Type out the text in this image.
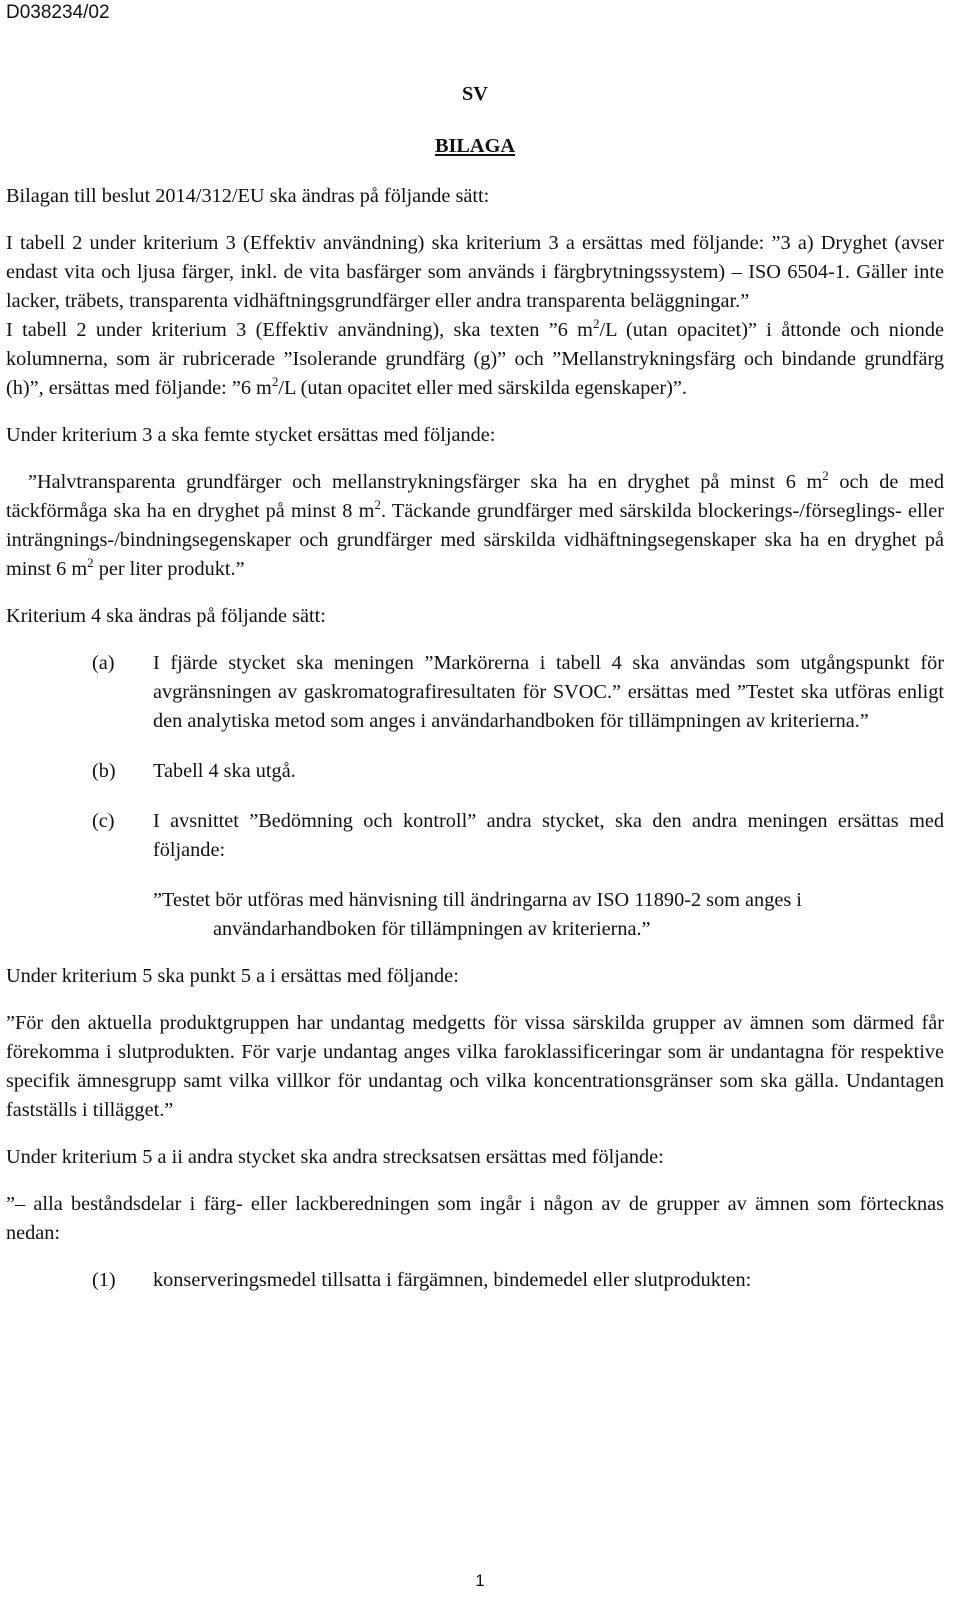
D038234/02

SV

BILAGA

Bilagan till beslut 2014/312/EU ska ändras på följande sätt:

I tabell 2 under kriterium 3 (Effektiv användning) ska kriterium 3 a ersättas med följande: ”3 a) Dryghet (avser endast vita och ljusa färger, inkl. de vita basfärger som används i färgbrytningssystem) – ISO 6504-1. Gäller inte lacker, träbets, transparenta vidhäftningsgrundfärger eller andra transparenta beläggningar.”

I tabell 2 under kriterium 3 (Effektiv användning), ska texten ”6 $m^2/L$ (utan opacitet)” i åttonde och nionde kolumnerna, som är rubricerade ”Isolerande grundfärg (g)” och ”Mellanstrykningsfärg och bindande grundfärg (h)”, ersättas med följande: ”6 $m^2/L$ (utan opacitet eller med särskilda egenskaper)”.

Under kriterium 3 a ska femte stycket ersättas med följande:

”Halvtransparenta grundfärger och mellanstrykningsfärger ska ha en dryghet på minst 6 $m^2$ och de med täckförmåga ska ha en dryghet på minst 8 $m^2$. Täckande grundfärger med särskilda blockerings-/förseglings- eller inträngnings-/bindningsegenskaper och grundfärger med särskilda vidhäftningsegenskaper ska ha en dryghet på minst 6 $m^2$ per liter produkt.”

Kriterium 4 ska ändras på följande sätt:

(a) I fjärde stycket ska meningen ”Markörerna i tabell 4 ska användas som utgångspunkt för avgränsningen av gaskromatografiresultaten för SVOC.” ersättas med ”Testet ska utföras enligt den analytiska metod som anges i användarhandboken för tillämpningen av kriterierna.”
(b) Tabell 4 ska utgå.
(c) I avsnittet ”Bedömning och kontroll” andra stycket, ska den andra meningen ersättas med följande:

”Testet bör utföras med hänvisning till ändringarna av ISO 11890-2 som anges i användarhandboken för tillämpningen av kriterierna.”

Under kriterium 5 ska punkt 5 a i ersättas med följande:

”För den aktuella produktgruppen har undantag medgetts för vissa särskilda grupper av ämnen som därmed får förekomma i slutprodukten. För varje undantag anges vilka faroklassificeringar som är undantagna för respektive specifik ämnesgrupp samt vilka villkor för undantag och vilka koncentrationsgränser som ska gälla. Undantagen fastställs i tillägget.”

Under kriterium 5 a ii andra stycket ska andra strecksatsen ersättas med följande:

”– alla beståndsdelar i färg- eller lackberedningen som ingår i någon av de grupper av ämnen som förtecknas nedan:

(1) konserveringsmedel tillsatta i färgämnen, bindemedel eller slutprodukten:
1
